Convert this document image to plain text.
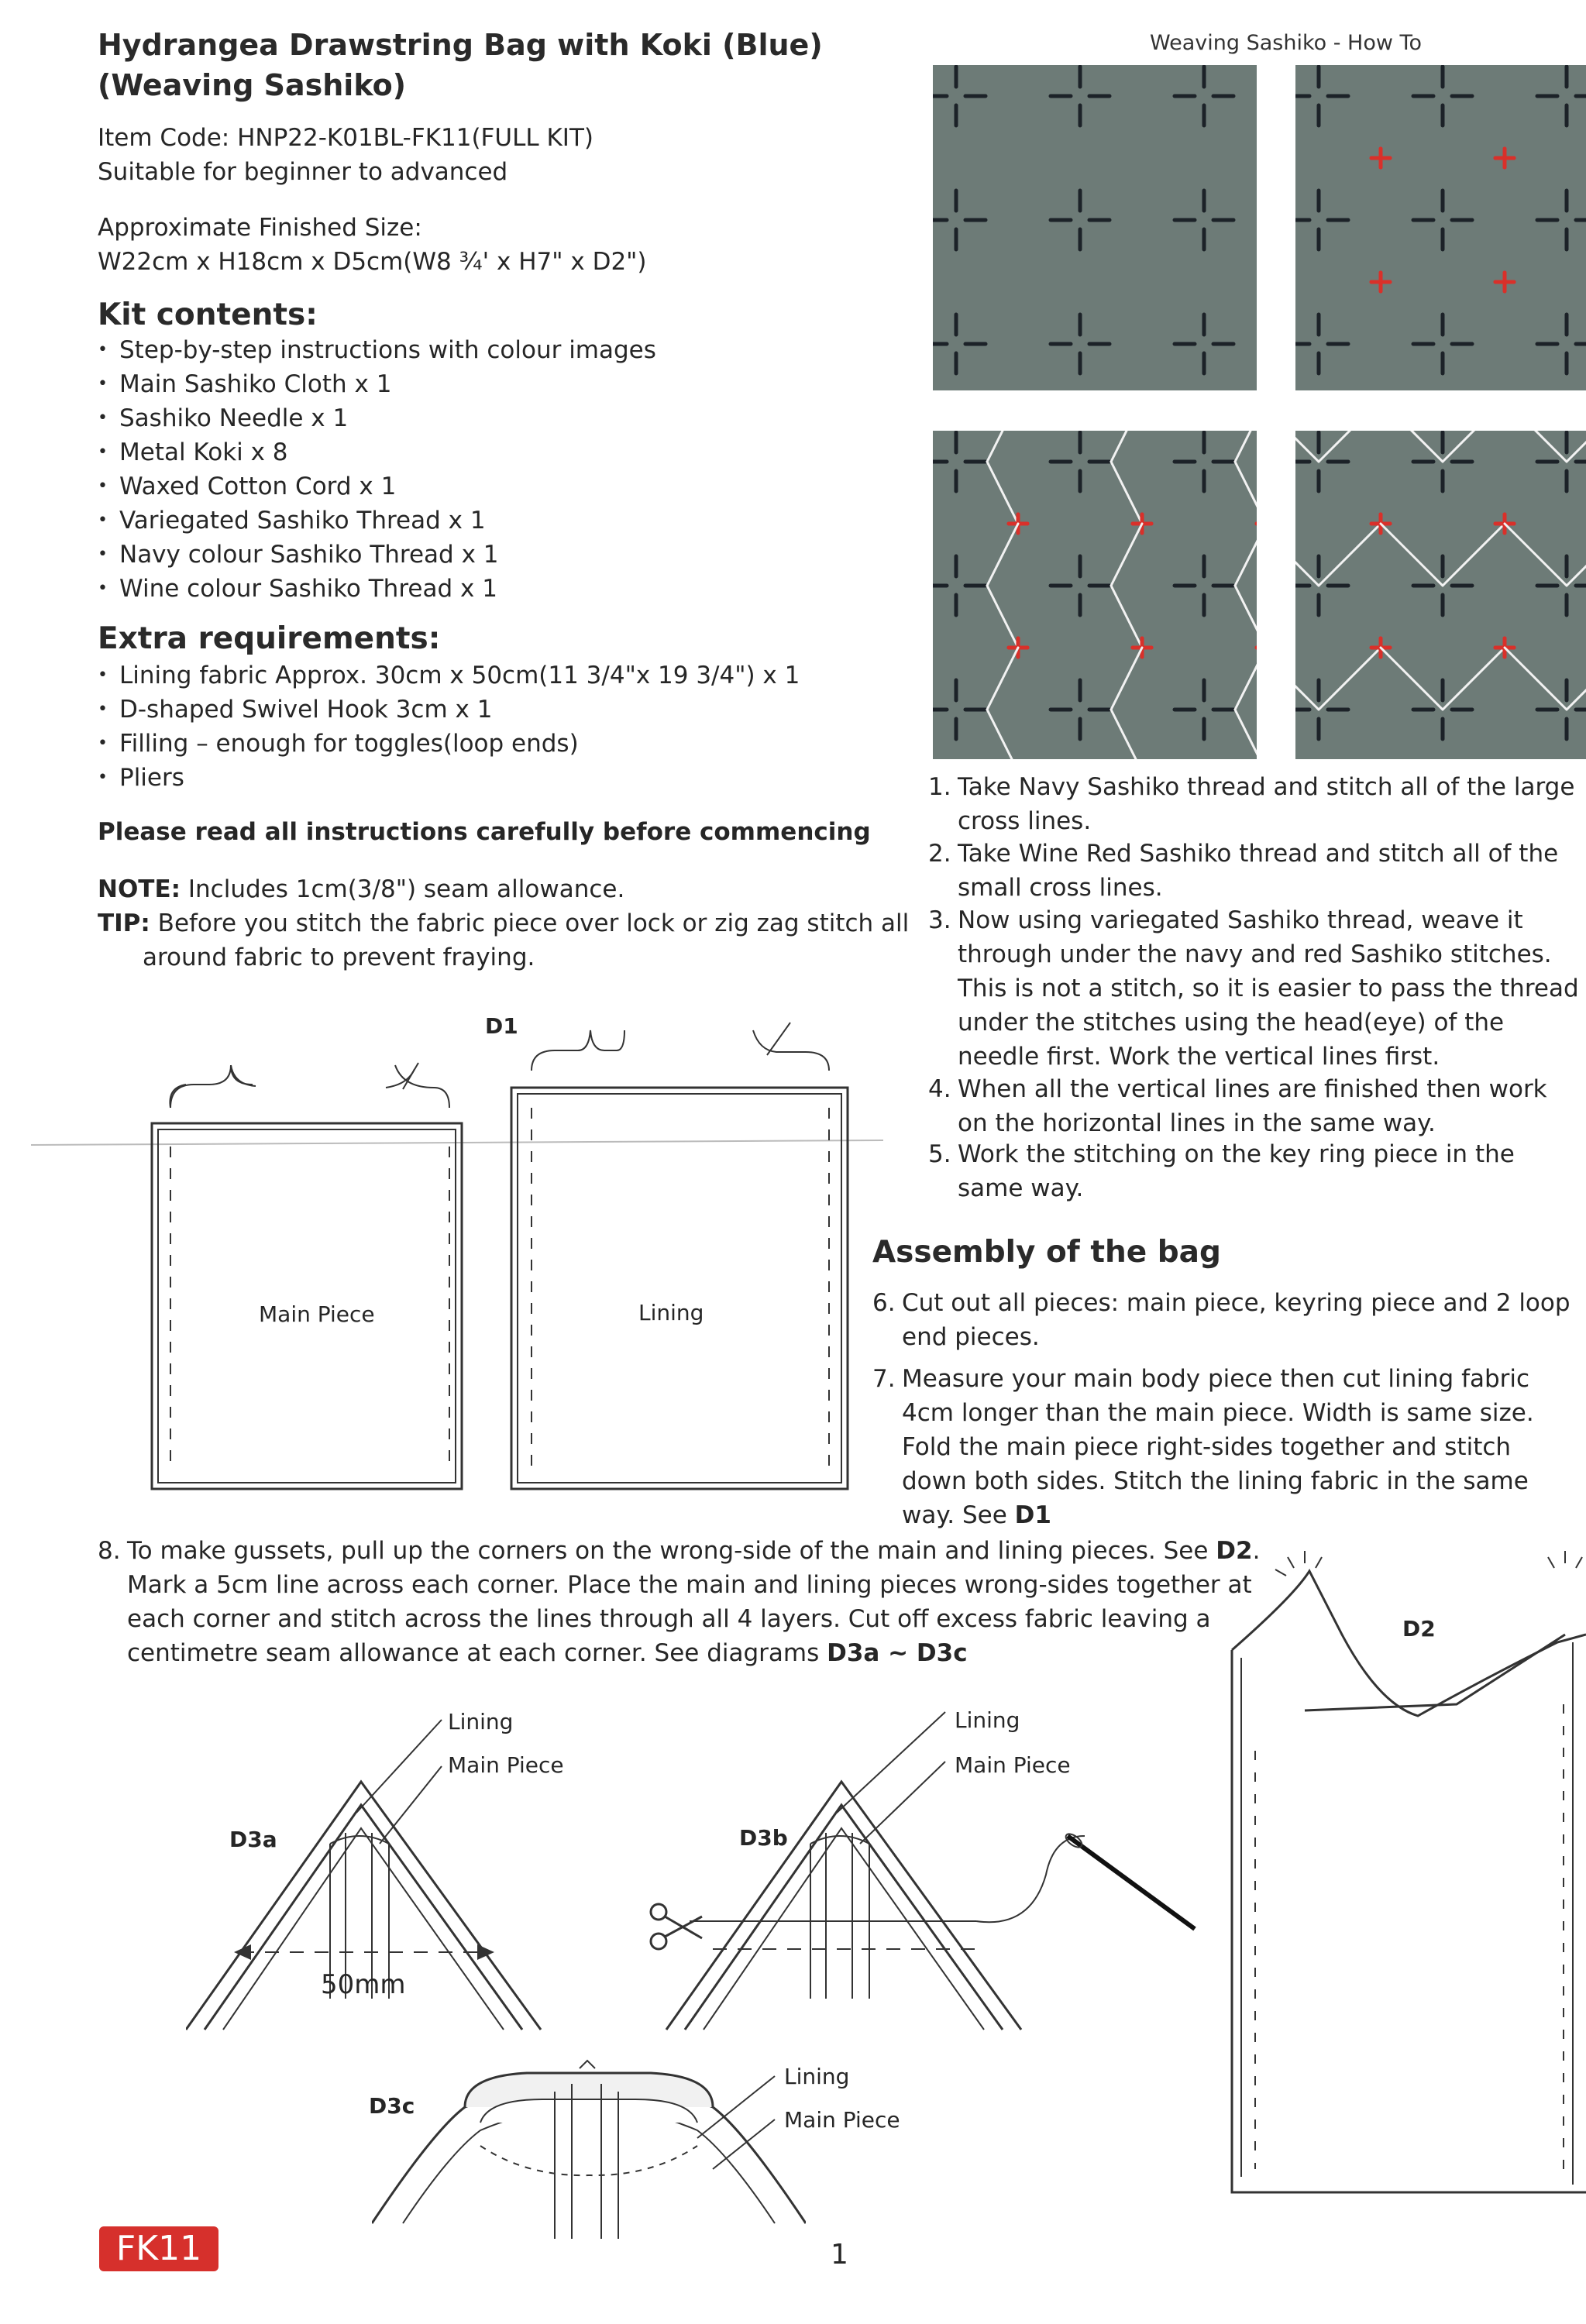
Hydrangea Drawstring Bag with Koki (Blue)
(Weaving Sashiko)
Item Code: HNP22-K01BL-FK11(FULL KIT)
Suitable for beginner to advanced
Approximate Finished Size:
W22cm x H18cm x D5cm(W8 ¾' x H7" x D2")
Kit contents:
• Step-by-step instructions with colour images
• Main Sashiko Cloth x 1
• Sashiko Needle x 1
• Metal Koki x 8
• Waxed Cotton Cord x 1
• Variegated Sashiko Thread x 1
• Navy colour Sashiko Thread x 1
• Wine colour Sashiko Thread x 1
Extra requirements:
• Lining fabric Approx. 30cm x 50cm(11 3/4"x 19 3/4") x 1
• D-shaped Swivel Hook 3cm x 1
• Filling – enough for toggles(loop ends)
• Pliers
Please read all instructions carefully before commencing
NOTE: Includes 1cm(3/8") seam allowance.
TIP: Before you stitch the fabric piece over lock or zig zag stitch all
around fabric to prevent fraying.
D1
Main Piece	Lining
Weaving Sashiko - How To
1. Take Navy Sashiko thread and stitch all of the large cross lines.
2. Take Wine Red Sashiko thread and stitch all of the small cross lines.
3. Now using variegated Sashiko thread, weave it through under the navy and red Sashiko stitches. This is not a stitch, so it is easier to pass the thread under the stitches using the head(eye) of the needle first. Work the vertical lines first.
4. When all the vertical lines are finished then work on the horizontal lines in the same way.
5. Work the stitching on the key ring piece in the same way.
Assembly of the bag
6. Cut out all pieces: main piece, keyring piece and 2 loop end pieces.
7. Measure your main body piece then cut lining fabric 4cm longer than the main piece. Width is same size. Fold the main piece right-sides together and stitch down both sides. Stitch the lining fabric in the same way. See D1
8. To make gussets, pull up the corners on the wrong-side of the main and lining pieces. See D2.
Mark a 5cm line across each corner. Place the main and lining pieces wrong-sides together at
each corner and stitch across the lines through all 4 layers. Cut off excess fabric leaving a
centimetre seam allowance at each corner. See diagrams D3a ~ D3c
D2
D3a
Lining
Main Piece
50mm
D3b
Lining
Main Piece
D3c
Lining
Main Piece
FK11	1
